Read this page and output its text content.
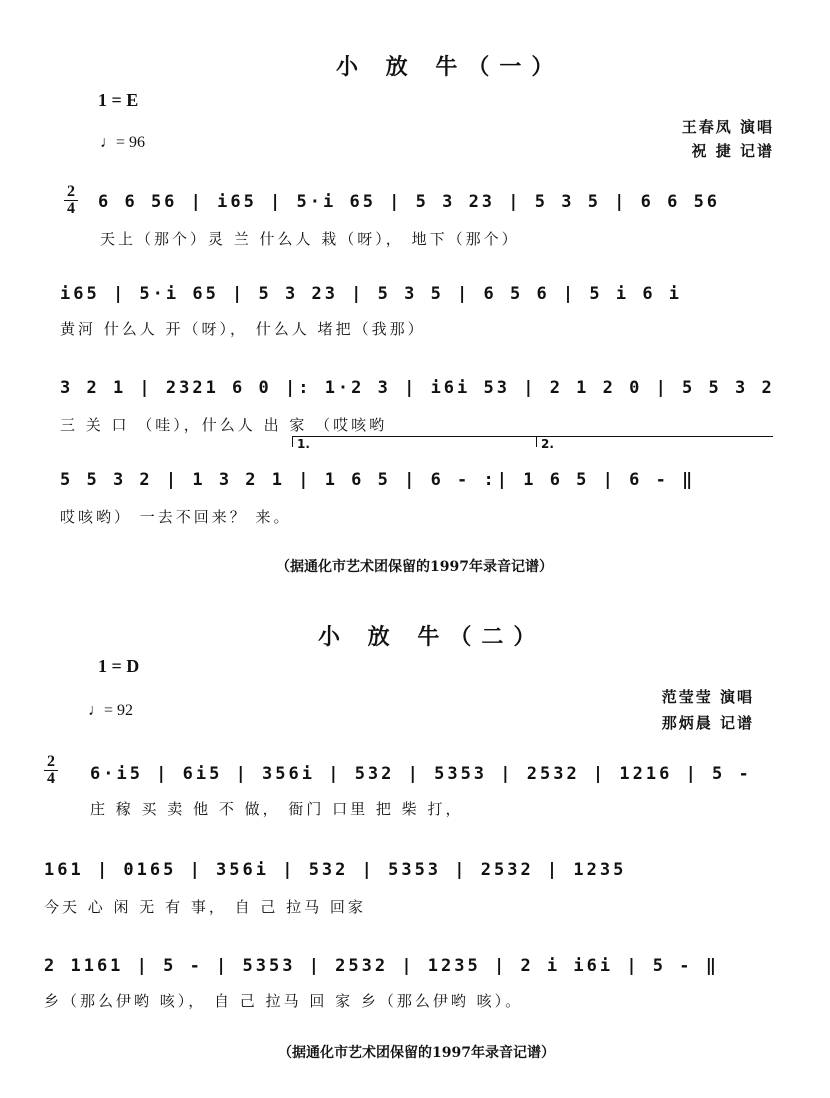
小 放 牛（一）
1 = E
♩= 96
王春凤 演唱
祝 捷 记谱
2
4 6 6 56 | i65 | 5·i 65 | 5 3 23 | 5 3 5 | 6 6 56
天上（那个）灵 兰 什么人 栽（呀）， 地下（那个）
i65 | 5·i 65 | 5 3 23 | 5 3 5 | 6 5 6 | 5 i 6 i
黄河 什么人 开（呀）， 什么人 堵把（我那）
3 2 1 | 2321 6 0 |: 1·2 3 | i6i 53 | 2 1 2 0 | 5 5 3 2
三 关 口 （哇），什么人 出 家 （哎咳哟
1.	2.
5 5 3 2 | 1 3 2 1 | 1 6 5 | 6 - :| 1 6 5 | 6 - ‖
哎咳哟） 一去不回来？ 来。
（据通化市艺术团保留的1997年录音记谱）
小 放 牛（二）
1 = D
♩= 92
范莹莹 演唱
那炳晨 记谱
2
4 6·i5 | 6i5 | 356i | 532 | 5353 | 2532 | 1216 | 5 -
庄 稼 买 卖 他 不 做， 衙门 口里 把 柴 打，
161 | 0165 | 356i | 532 | 5353 | 2532 | 1235
今天 心 闲 无 有 事， 自 己 拉马 回家
2 1161 | 5 - | 5353 | 2532 | 1235 | 2 i i6i | 5 - ‖
乡（那么伊哟 咳）， 自 己 拉马 回 家 乡（那么伊哟 咳）。
（据通化市艺术团保留的1997年录音记谱）
